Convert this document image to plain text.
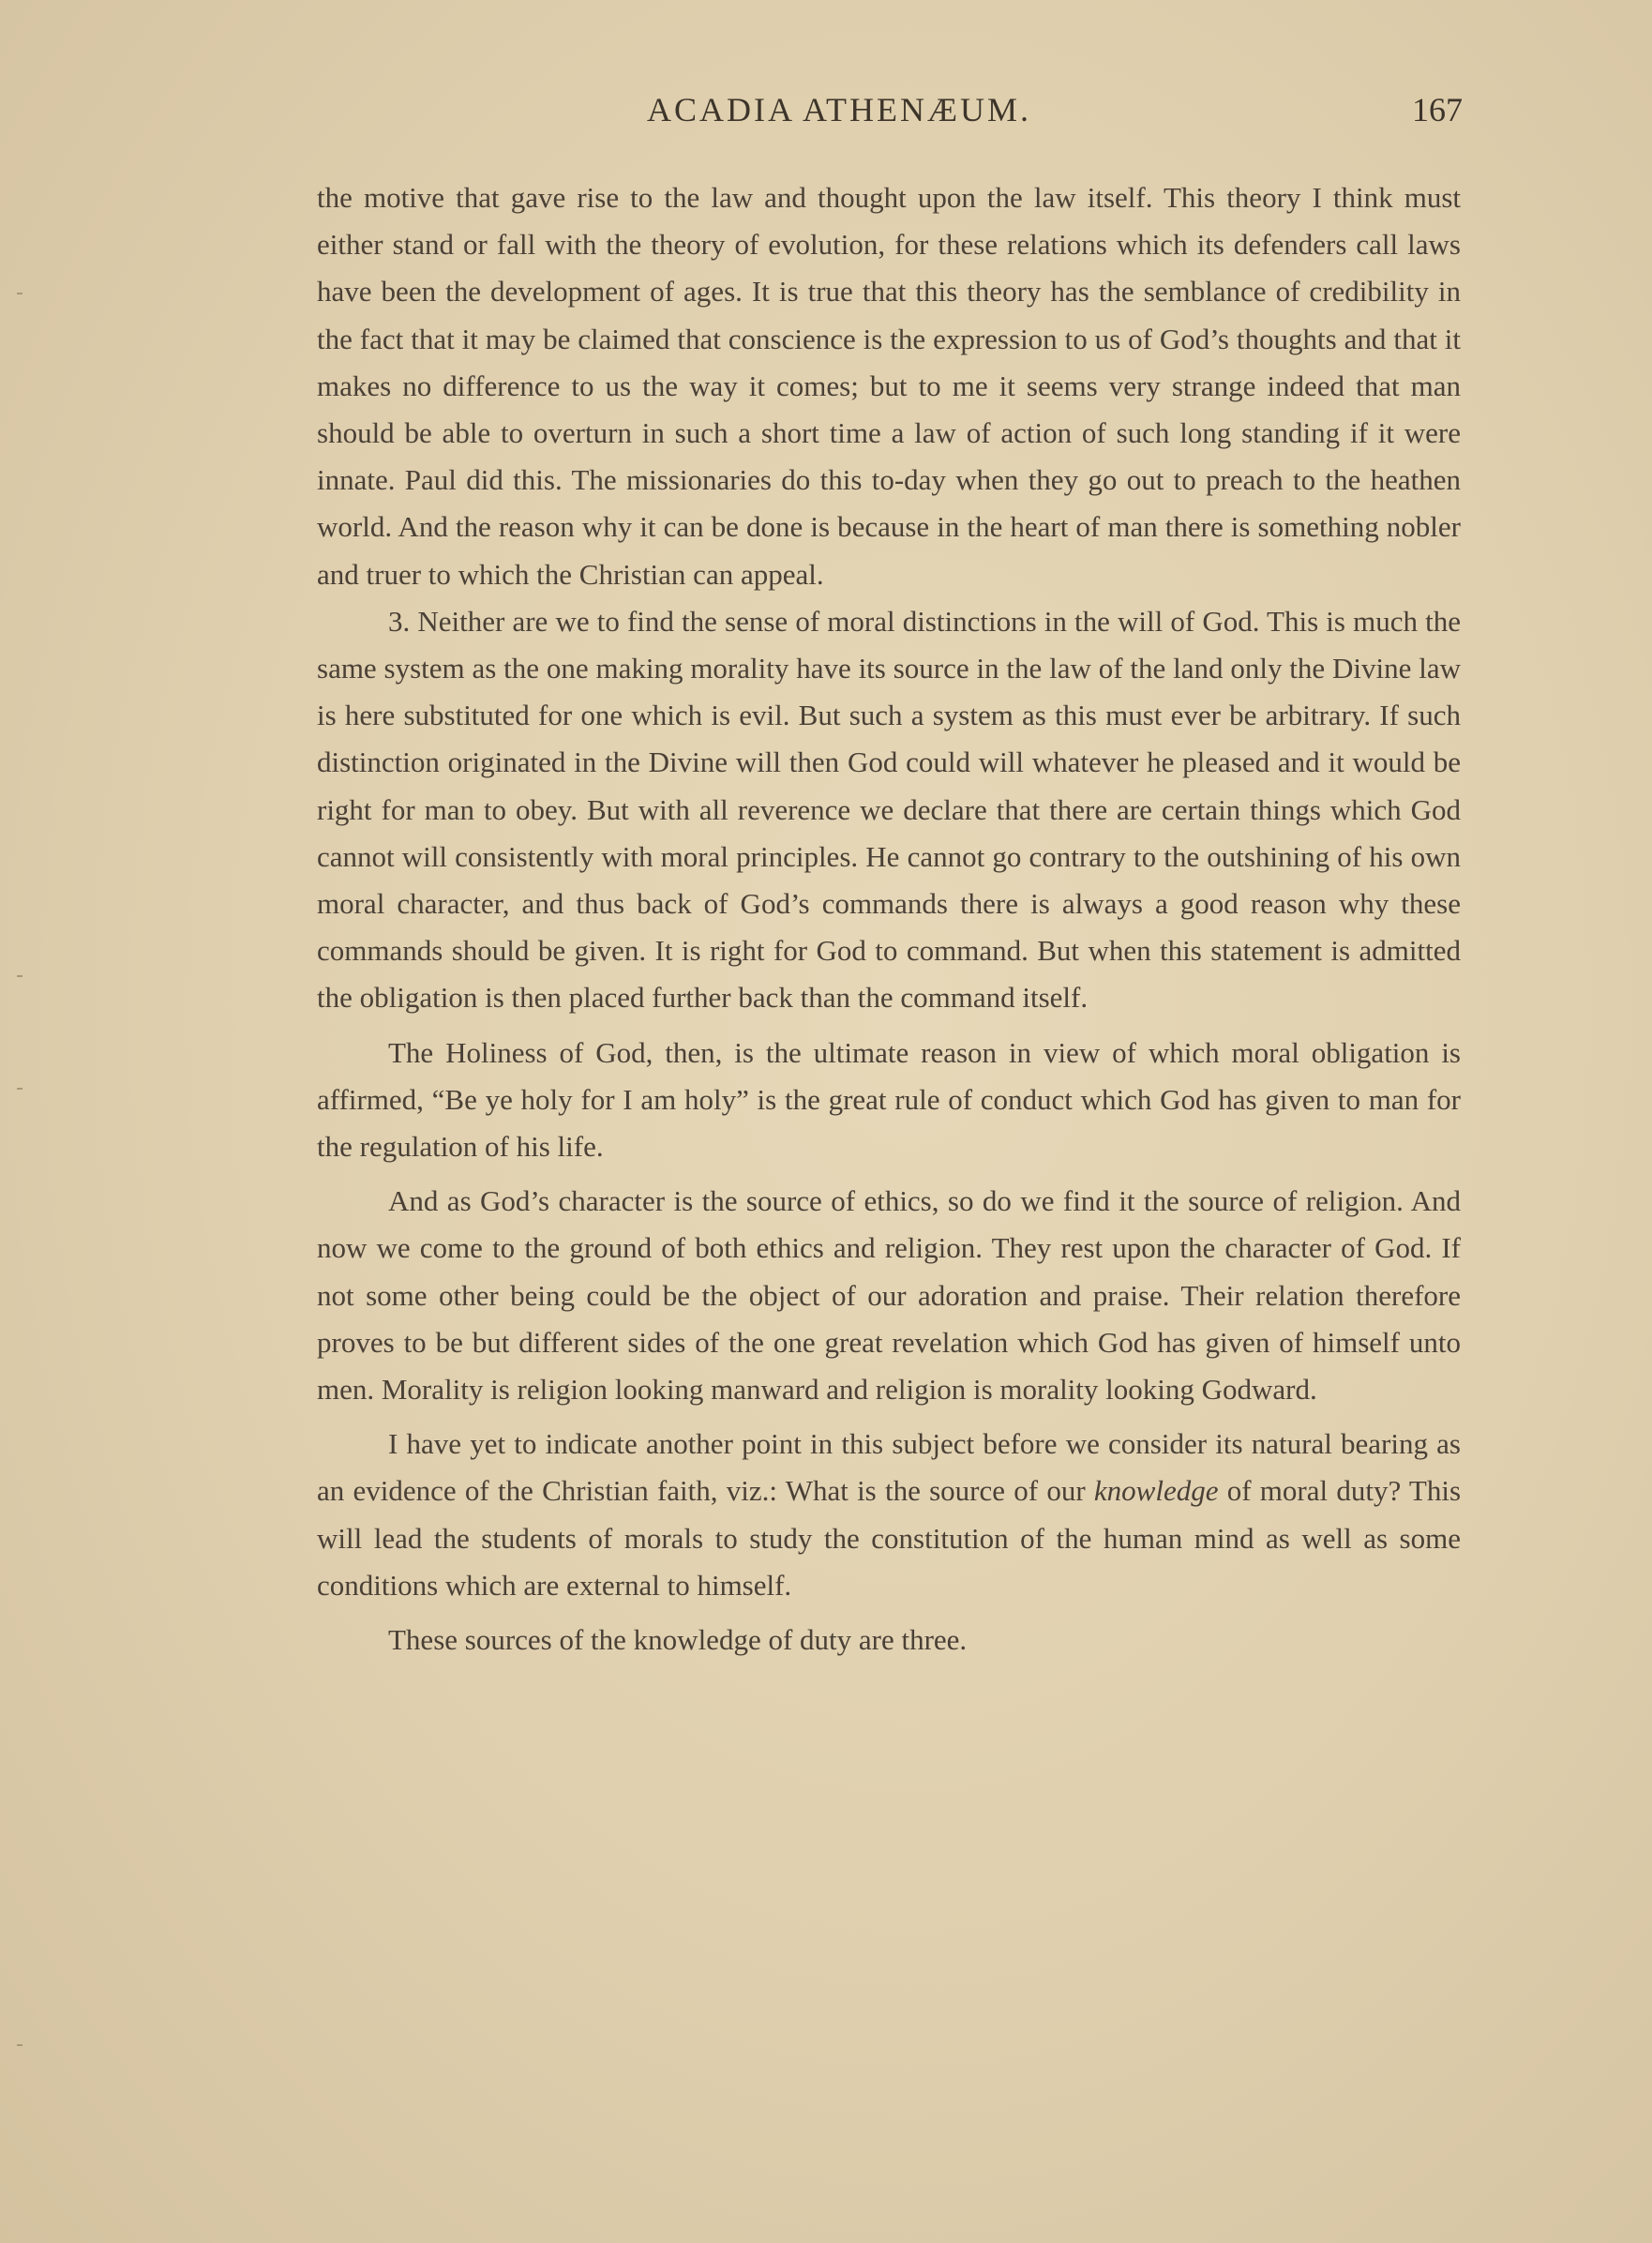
ACADIA ATHENÆUM.	167

the motive that gave rise to the law and thought upon the law itself. This theory I think must either stand or fall with the theory of evolution, for these relations which its defenders call laws have been the development of ages. It is true that this theory has the semblance of credibility in the fact that it may be claimed that conscience is the expression to us of God’s thoughts and that it makes no difference to us the way it comes; but to me it seems very strange indeed that man should be able to overturn in such a short time a law of action of such long standing if it were innate. Paul did this. The missionaries do this to-day when they go out to preach to the heathen world. And the reason why it can be done is because in the heart of man there is something nobler and truer to which the Christian can appeal.

3. Neither are we to find the sense of moral distinctions in the will of God. This is much the same system as the one making morality have its source in the law of the land only the Divine law is here substituted for one which is evil. But such a system as this must ever be arbitrary. If such distinction originated in the Divine will then God could will whatever he pleased and it would be right for man to obey. But with all reverence we declare that there are certain things which God cannot will consistently with moral principles. He cannot go contrary to the outshining of his own moral character, and thus back of God’s commands there is always a good reason why these commands should be given. It is right for God to command. But when this statement is admitted the obligation is then placed further back than the command itself.

The Holiness of God, then, is the ultimate reason in view of which moral obligation is affirmed, “Be ye holy for I am holy” is the great rule of conduct which God has given to man for the regulation of his life.

And as God’s character is the source of ethics, so do we find it the source of religion. And now we come to the ground of both ethics and religion. They rest upon the character of God. If not some other being could be the object of our adoration and praise. Their relation therefore proves to be but different sides of the one great revelation which God has given of himself unto men. Morality is religion looking manward and religion is morality looking Godward.

I have yet to indicate another point in this subject before we consider its natural bearing as an evidence of the Christian faith, viz.: What is the source of our knowledge of moral duty? This will lead the students of morals to study the constitution of the human mind as well as some conditions which are external to himself.

These sources of the knowledge of duty are three.
